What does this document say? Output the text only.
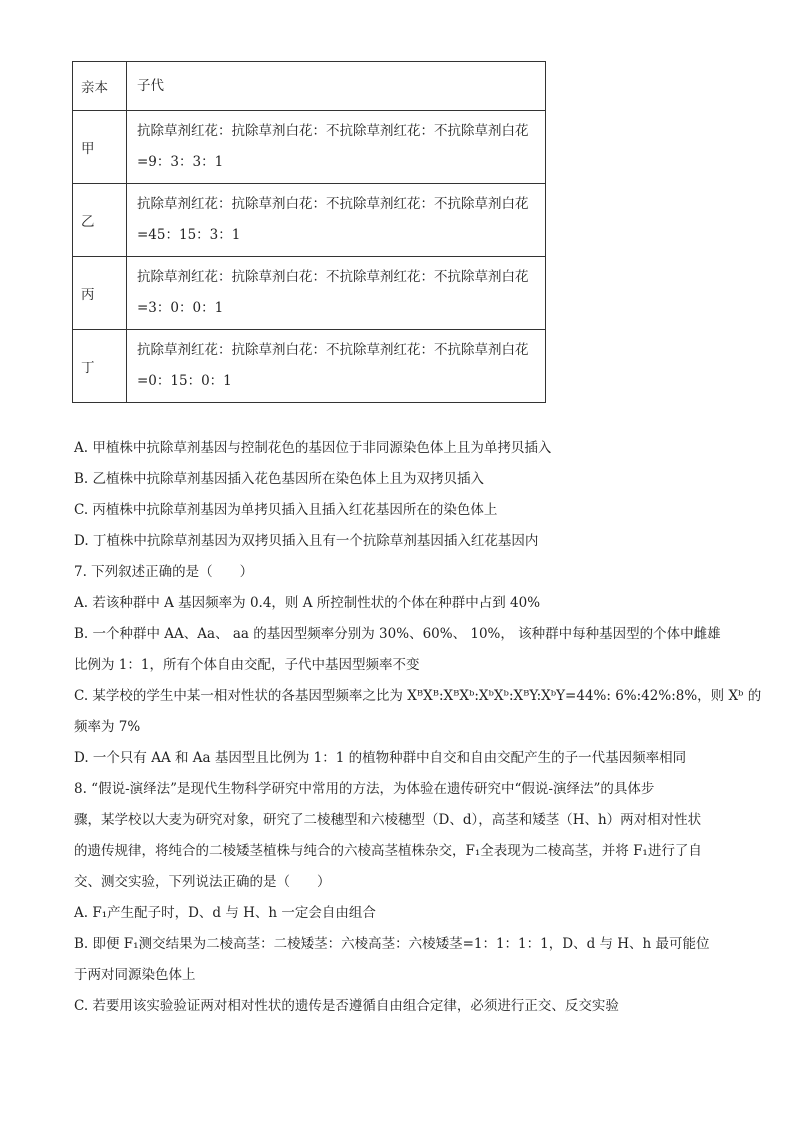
亲本	子代
甲	抗除草剂红花：抗除草剂白花：不抗除草剂红花：不抗除草剂白花
=9：3：3：1

乙	抗除草剂红花：抗除草剂白花：不抗除草剂红花：不抗除草剂白花
=45：15：3：1

丙	抗除草剂红花：抗除草剂白花：不抗除草剂红花：不抗除草剂白花
=3：0：0：1

丁	抗除草剂红花：抗除草剂白花：不抗除草剂红花：不抗除草剂白花
=0：15：0：1
A. 甲植株中抗除草剂基因与控制花色的基因位于非同源染色体上且为单拷贝插入
B. 乙植株中抗除草剂基因插入花色基因所在染色体上且为双拷贝插入
C. 丙植株中抗除草剂基因为单拷贝插入且插入红花基因所在的染色体上
D. 丁植株中抗除草剂基因为双拷贝插入且有一个抗除草剂基因插入红花基因内
7. 下列叙述正确的是（　　）
A. 若该种群中 A 基因频率为 0.4，则 A 所控制性状的个体在种群中占到 40%
B. 一个种群中 AA、Aa、 aa 的基因型频率分别为 30%、60%、 10%， 该种群中每种基因型的个体中雌雄
比例为 1：1，所有个体自由交配，子代中基因型频率不变
C. 某学校的学生中某一相对性状的各基因型频率之比为 XᴮXᴮ:XᴮXᵇ:XᵇXᵇ:XᴮY:XᵇY=44%: 6%:42%:8%，则 Xᵇ 的
频率为 7%
D. 一个只有 AA 和 Aa 基因型且比例为 1：1 的植物种群中自交和自由交配产生的子一代基因频率相同
8. “假说-演绎法”是现代生物科学研究中常用的方法，为体验在遗传研究中“假说-演绎法”的具体步
骤，某学校以大麦为研究对象，研究了二棱穗型和六棱穗型（D、d），高茎和矮茎（H、h）两对相对性状
的遗传规律，将纯合的二棱矮茎植株与纯合的六棱高茎植株杂交，F₁全表现为二棱高茎，并将 F₁进行了自
交、测交实验，下列说法正确的是（　　）
A. F₁产生配子时，D、d 与 H、h 一定会自由组合
B. 即便 F₁测交结果为二棱高茎：二棱矮茎：六棱高茎：六棱矮茎=1：1：1：1，D、d 与 H、h 最可能位
于两对同源染色体上
C. 若要用该实验验证两对相对性状的遗传是否遵循自由组合定律，必须进行正交、反交实验
